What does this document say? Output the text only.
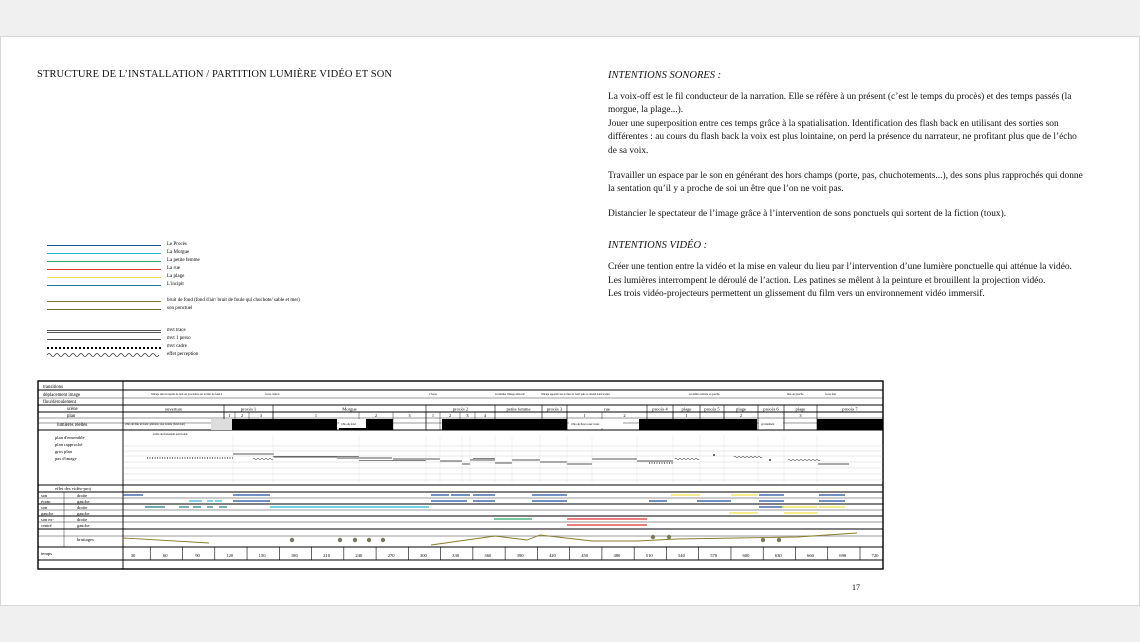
STRUCTURE DE L’INSTALLATION / PARTITION LUMIÈRE VIDÉO ET SON	INTENTIONS SONORES :

La voix-off est le fil conducteur de la narration. Elle se réfère à un présent (c’est le temps du procès) et des temps passés (la morgue, la plage...).

Jouer une superposition entre ces temps grâce à la spatialisation. Identification des flash back en utilisant des sorties son différentes : au cours du flash back la voix est plus lointaine, on perd la présence du narrateur, ne profitant plus que de l’écho de sa voix.

Travailler un espace par le son en générant des hors champs (porte, pas, chuchotements...), des sons plus rapprochés qui donne la sentation qu’il y a proche de soi un être que l’on ne voit pas.

Distancier le spectateur de l’image grâce à l’intervention de sons ponctuels qui sortent de la fiction (toux).

INTENTIONS VIDÉO :

Créer une tention entre la vidéo et la mise en valeur du lieu par l’intervention d’une lumière ponctuelle qui atténue la vidéo. Les lumières interrompent le déroulé de l’action. Les patines se mêlent à la peinture et brouillent la projection vidéo.

Les trois vidéo-projecteurs permettent un glissement du film vers un environnement vidéo immersif.

Le Procès
La Morgue
La petite femme
La rue
La plage
L'incipit
bruit de fond (fond d'air/ bruit de foule qui chuchote/ sable et mer)
son ponctuel
mvt trace
mvt 1 perso
mvt cadre
effet perception
transitions
déplacement image
flou/déroulement
scène
plan
lumières réelles
plan d'ensemble
plan rapproché
gros plan
pas d'image
effet des vidéo-proj
son
écran
son
gauche
son ex-
centré
droite
gauche
droite
gauche
droite
gauche
bruitages
temps
l'image suit un rapide de noir un procédure sur le mur de fond à	focus central	2 focus	au mullne l'image débordé	l'image apparaît sur le mur de fond puis se rétend dans le mur	au défilé centrale et gauche	mur de gauche	focus mur
ouverture	procès 1	Morgue	procès 2	petite femme	procès 3	rue	procès 4	plage	procès 5	plage	procès 6	plage	procès 7
1 2	3	1	2	3	1	2	3	4	1	2	1	2	3
lchia du mur en fond ,plafond, spot tourne (fond noir)	lchia du fond	lchia du fleur rouer vesse	gravitement
arrêté du flottement petit fonds
30	60	90	120	150	180	210	240	270	300	330	360	390	420	450	480	510	540	570	600	630	660	690	720
17
